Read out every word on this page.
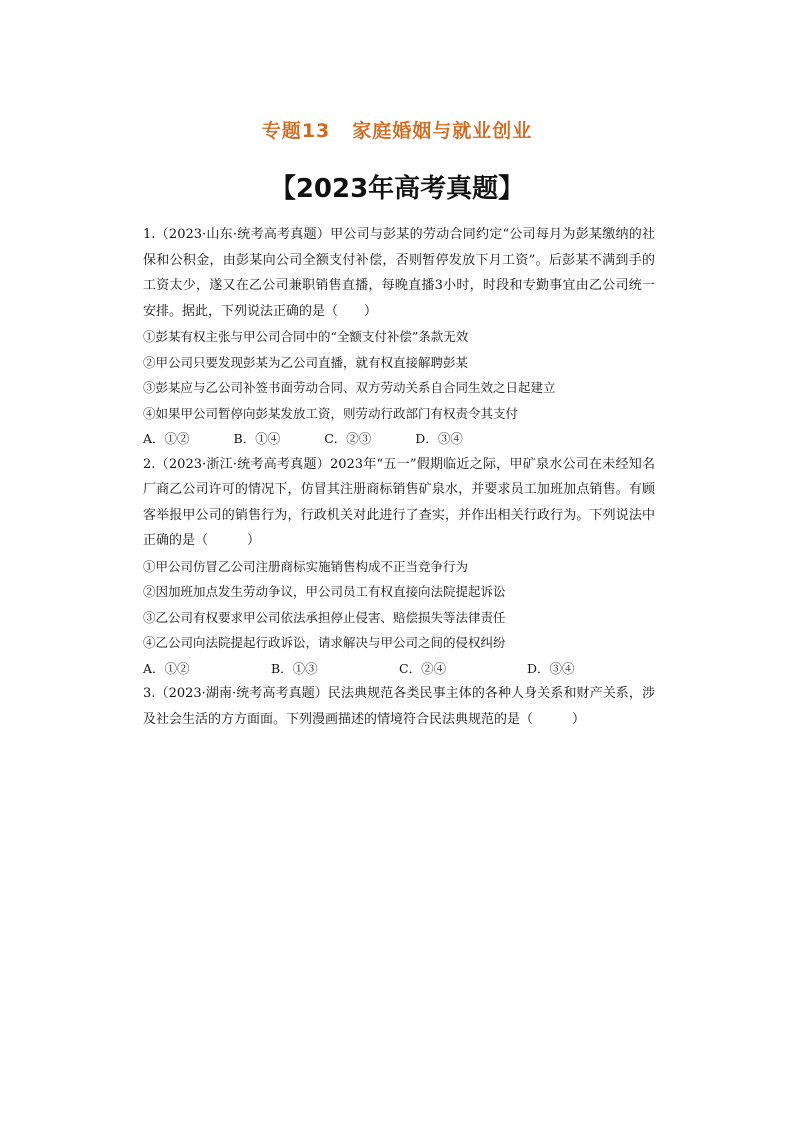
专题13 家庭婚姻与就业创业
【2023年高考真题】

1.（2023·山东·统考高考真题）甲公司与彭某的劳动合同约定“公司每月为彭某缴纳的社保和公积金，由彭某向公司全额支付补偿，否则暂停发放下月工资”。后彭某不满到手的工资太少，遂又在乙公司兼职销售直播，每晚直播3小时，时段和专勤事宜由乙公司统一安排。据此，下列说法正确的是（　　）

①彭某有权主张与甲公司合同中的“全额支付补偿”条款无效

②甲公司只要发现彭某为乙公司直播，就有权直接解聘彭某

③彭某应与乙公司补签书面劳动合同、双方劳动关系自合同生效之日起建立

④如果甲公司暂停向彭某发放工资，则劳动行政部门有权责令其支付

A．①②	B．①④	C．②③	D．③④

2.（2023·浙江·统考高考真题）2023年“五一”假期临近之际，甲矿泉水公司在未经知名厂商乙公司许可的情况下，仿冒其注册商标销售矿泉水，并要求员工加班加点销售。有顾客举报甲公司的销售行为，行政机关对此进行了查实，并作出相关行政行为。下列说法中正确的是（　　　）

①甲公司仿冒乙公司注册商标实施销售构成不正当竞争行为

②因加班加点发生劳动争议，甲公司员工有权直接向法院提起诉讼

③乙公司有权要求甲公司依法承担停止侵害、赔偿损失等法律责任

④乙公司向法院提起行政诉讼，请求解决与甲公司之间的侵权纠纷

A．①②	B．①③	C．②④	D．③④

3.（2023·湖南·统考高考真题）民法典规范各类民事主体的各种人身关系和财产关系，涉及社会生活的方方面面。下列漫画描述的情境符合民法典规范的是（　　　）
